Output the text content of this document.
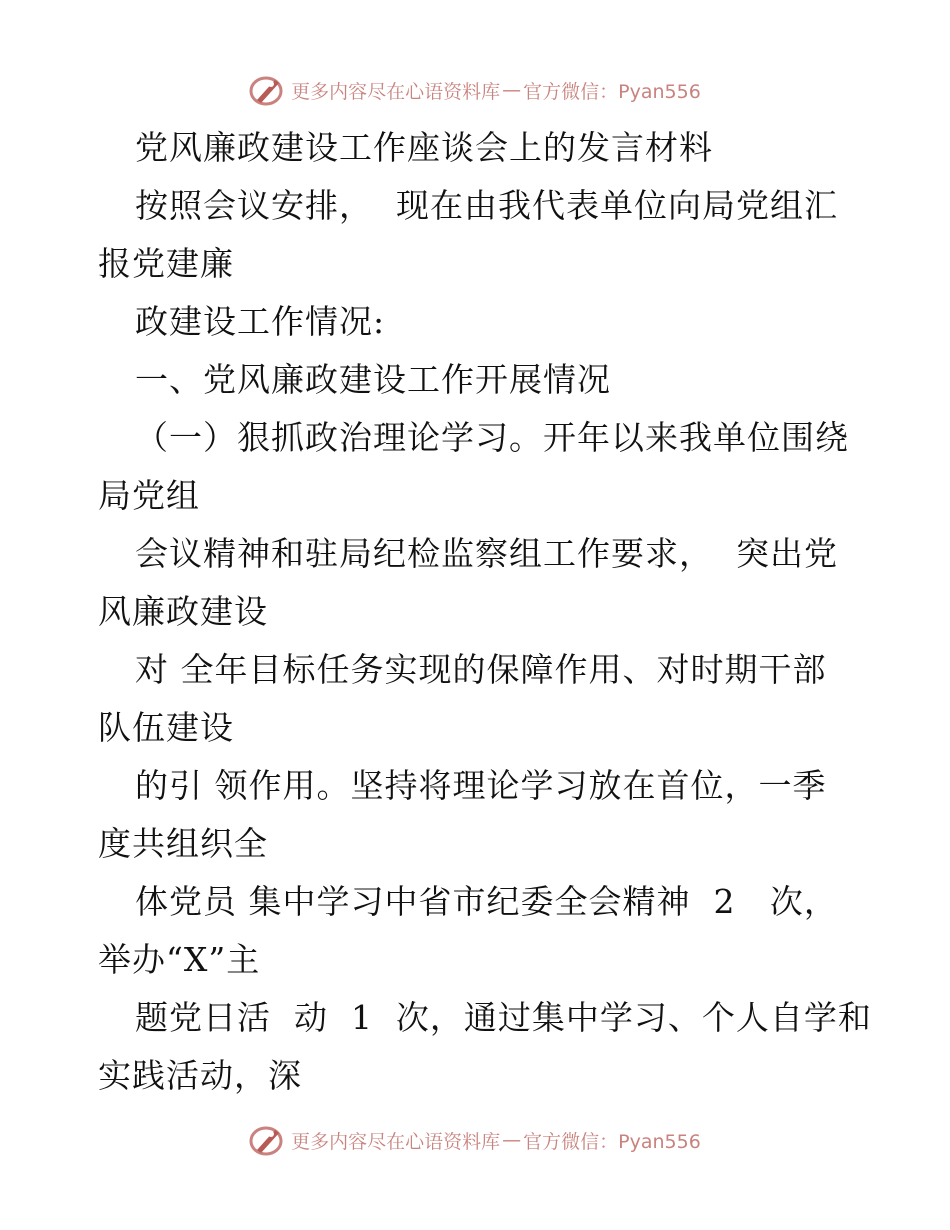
更多内容尽在心语资料库 — 官方微信：Pyan556
党风廉政建设工作座谈会上的发言材料
按照会议安排，  现在由我代表单位向局党组汇
报党建廉
政建设工作情况:
一、党风廉政建设工作开展情况
（一）狠抓政治理论学习。开年以来我单位围绕
局党组
会议精神和驻局纪检监察组工作要求，  突出党
风廉政建设
对 全年目标任务实现的保障作用、对时期干部
队伍建设
的引 领作用。坚持将理论学习放在首位，一季
度共组织全
体党员 集中学习中省市纪委全会精神  2   次，
举办“X”主
题党日活  动  1  次，通过集中学习、个人自学和
实践活动，深
更多内容尽在心语资料库 — 官方微信：Pyan556
